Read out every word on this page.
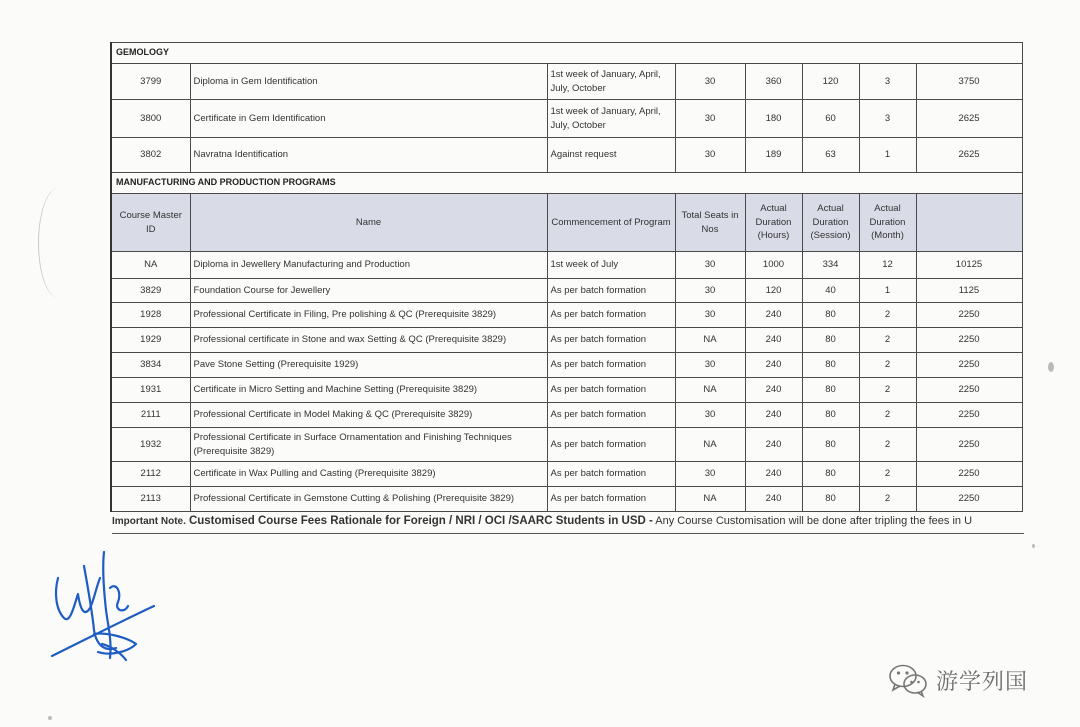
GEMOLOGY							
3799	Diploma in Gem Identification	1st week of January, April, July, October	30	360	120	3	3750
3800	Certificate in Gem Identification	1st week of January, April, July, October	30	180	60	3	2625
3802	Navratna Identification	Against request	30	189	63	1	2625
MANUFACTURING AND PRODUCTION PROGRAMS							
Course Master ID	Name	Commencement of Program	Total Seats in Nos	Actual Duration (Hours)	Actual Duration (Session)	Actual Duration (Month)	
NA	Diploma in Jewellery Manufacturing and Production	1st week of July	30	1000	334	12	10125
3829	Foundation Course for Jewellery	As per batch formation	30	120	40	1	1125
1928	Professional Certificate in Filing, Pre polishing & QC (Prerequisite 3829)	As per batch formation	30	240	80	2	2250
1929	Professional certificate in Stone and wax Setting & QC (Prerequisite 3829)	As per batch formation	NA	240	80	2	2250
3834	Pave Stone Setting (Prerequisite 1929)	As per batch formation	30	240	80	2	2250
1931	Certificate in Micro Setting and Machine Setting (Prerequisite 3829)	As per batch formation	NA	240	80	2	2250
2111	Professional Certificate in Model Making & QC (Prerequisite 3829)	As per batch formation	30	240	80	2	2250
1932	Professional Certificate in Surface Ornamentation and Finishing Techniques (Prerequisite 3829)	As per batch formation	NA	240	80	2	2250
2112	Certificate in Wax Pulling and Casting (Prerequisite 3829)	As per batch formation	30	240	80	2	2250
2113	Professional Certificate in Gemstone Cutting & Polishing (Prerequisite 3829)	As per batch formation	NA	240	80	2	2250
Important Note. Customised Course Fees Rationale for Foreign / NRI / OCI /SAARC Students in USD - Any Course Customisation will be done after tripling the fees in U
游学列国
